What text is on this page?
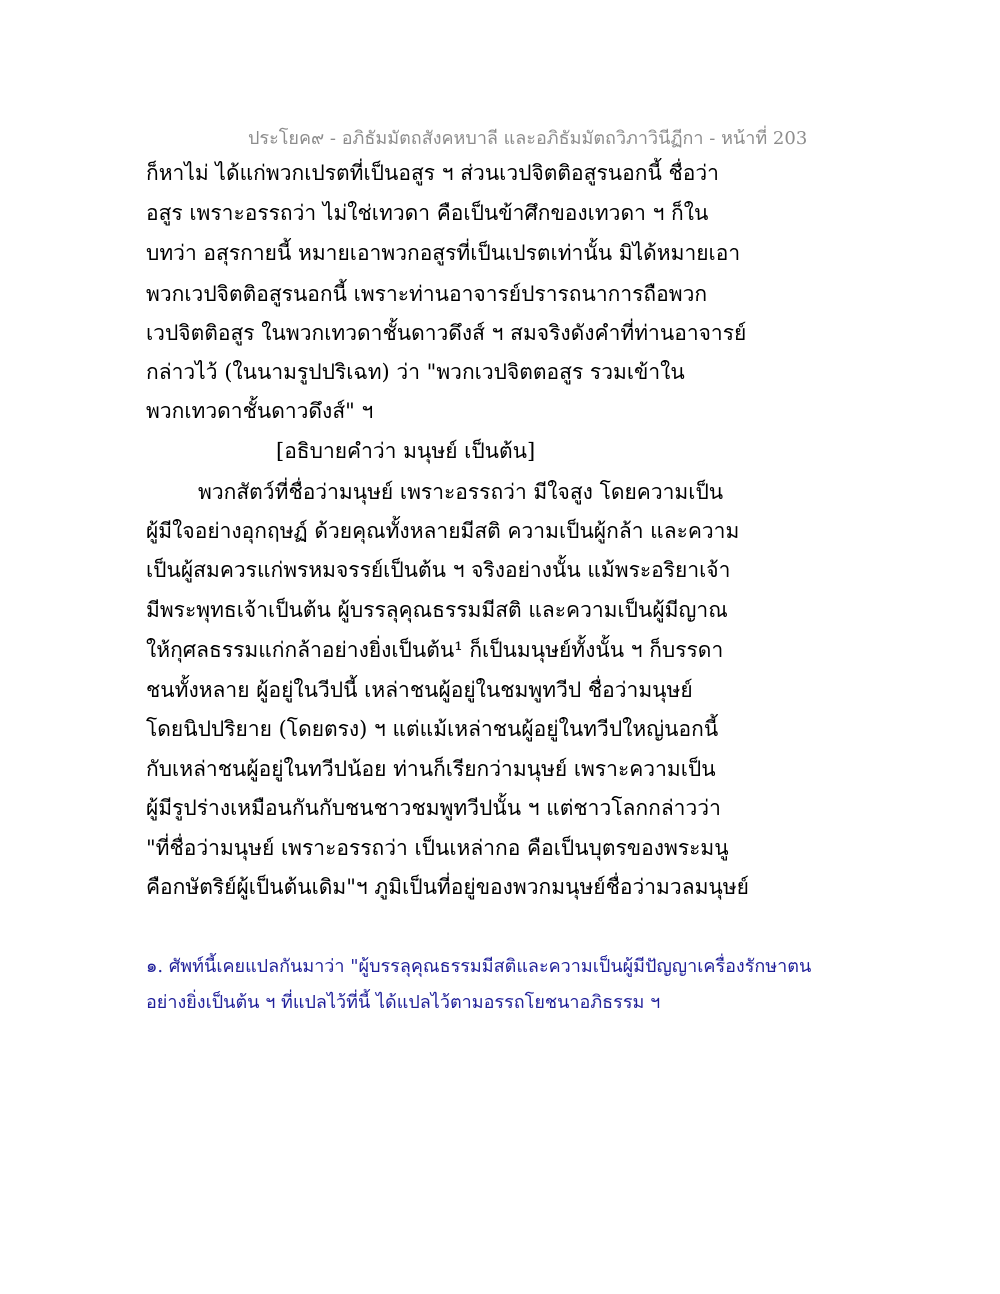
ประโยค๙ - อภิธัมมัตถสังคหบาลี และอภิธัมมัตถวิภาวินีฏีกา - หน้าที่ 203
ก็หาไม่ ได้แก่พวกเปรตที่เป็นอสูร ฯ ส่วนเวปจิตติอสูรนอกนี้ ชื่อว่า
อสูร เพราะอรรถว่า ไม่ใช่เทวดา คือเป็นข้าศึกของเทวดา ฯ ก็ใน
บทว่า อสุรกายนี้ หมายเอาพวกอสูรที่เป็นเปรตเท่านั้น มิได้หมายเอา
พวกเวปจิตติอสูรนอกนี้ เพราะท่านอาจารย์ปรารถนาการถือพวก
เวปจิตติอสูร ในพวกเทวดาชั้นดาวดึงส์ ฯ สมจริงดังคำที่ท่านอาจารย์
กล่าวไว้ (ในนามรูปปริเฉท) ว่า "พวกเวปจิตตอสูร รวมเข้าใน
พวกเทวดาชั้นดาวดึงส์" ฯ
[อธิบายคำว่า มนุษย์ เป็นต้น]
พวกสัตว์ที่ชื่อว่ามนุษย์ เพราะอรรถว่า มีใจสูง โดยความเป็น
ผู้มีใจอย่างอุกฤษฏ์ ด้วยคุณทั้งหลายมีสติ ความเป็นผู้กล้า และความ
เป็นผู้สมควรแก่พรหมจรรย์เป็นต้น ฯ จริงอย่างนั้น แม้พระอริยาเจ้า
มีพระพุทธเจ้าเป็นต้น ผู้บรรลุคุณธรรมมีสติ และความเป็นผู้มีญาณ
ให้กุศลธรรมแก่กล้าอย่างยิ่งเป็นต้น¹ ก็เป็นมนุษย์ทั้งนั้น ฯ ก็บรรดา
ชนทั้งหลาย ผู้อยู่ในวีปนี้ เหล่าชนผู้อยู่ในชมพูทวีป ชื่อว่ามนุษย์
โดยนิปปริยาย (โดยตรง) ฯ แต่แม้เหล่าชนผู้อยู่ในทวีปใหญ่นอกนี้
กับเหล่าชนผู้อยู่ในทวีปน้อย ท่านก็เรียกว่ามนุษย์ เพราะความเป็น
ผู้มีรูปร่างเหมือนกันกับชนชาวชมพูทวีปนั้น ฯ แต่ชาวโลกกล่าวว่า
"ที่ชื่อว่ามนุษย์ เพราะอรรถว่า เป็นเหล่ากอ คือเป็นบุตรของพระมนู
คือกษัตริย์ผู้เป็นต้นเดิม"ฯ ภูมิเป็นที่อยู่ของพวกมนุษย์ชื่อว่ามวลมนุษย์
๑. ศัพท์นี้เคยแปลกันมาว่า "ผู้บรรลุคุณธรรมมีสติและความเป็นผู้มีปัญญาเครื่องรักษาตน
อย่างยิ่งเป็นต้น ฯ ที่แปลไว้ที่นี้ ได้แปลไว้ตามอรรถโยชนาอภิธรรม ฯ
